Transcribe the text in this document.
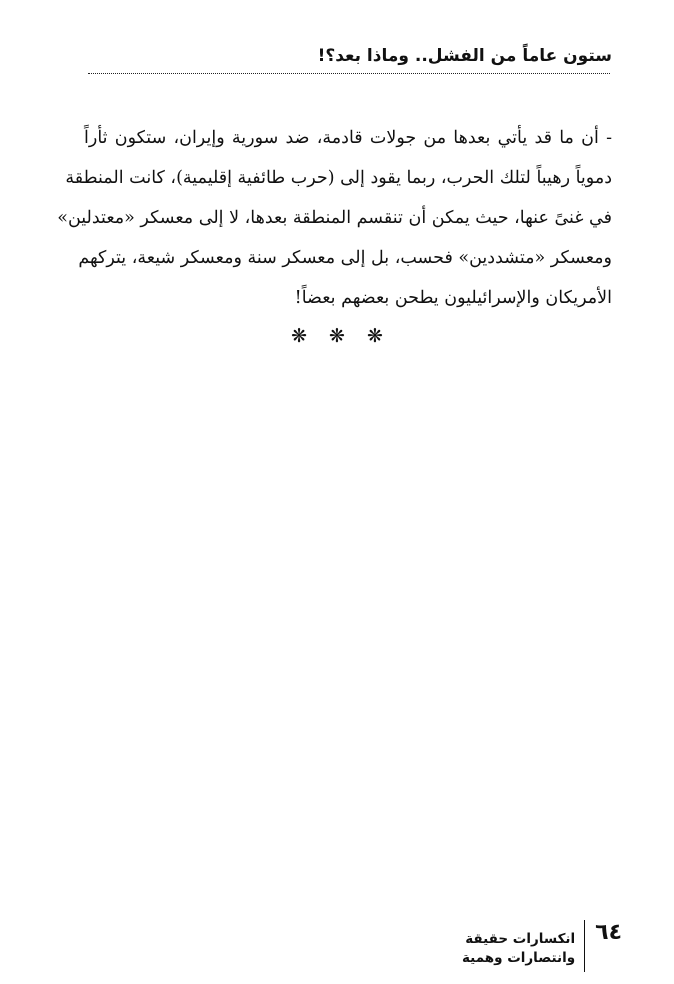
ستون عاماً من الفشل.. وماذا بعد؟!
- أن ما قد يأتي بعدها من جولات قادمة، ضد سورية وإيران، ستكون ثأراً
دموياً رهيباً لتلك الحرب، ربما يقود إلى (حرب طائفية إقليمية)، كانت المنطقة
في غنىً عنها، حيث يمكن أن تنقسم المنطقة بعدها، لا إلى معسكر «معتدلين»
ومعسكر «متشددين» فحسب، بل إلى معسكر سنة ومعسكر شيعة، يتركهم
الأمريكان والإسرائيليون يطحن بعضهم بعضاً!
❋❋❋
٦٤
انكسارات حقيقة
وانتصارات وهمية
